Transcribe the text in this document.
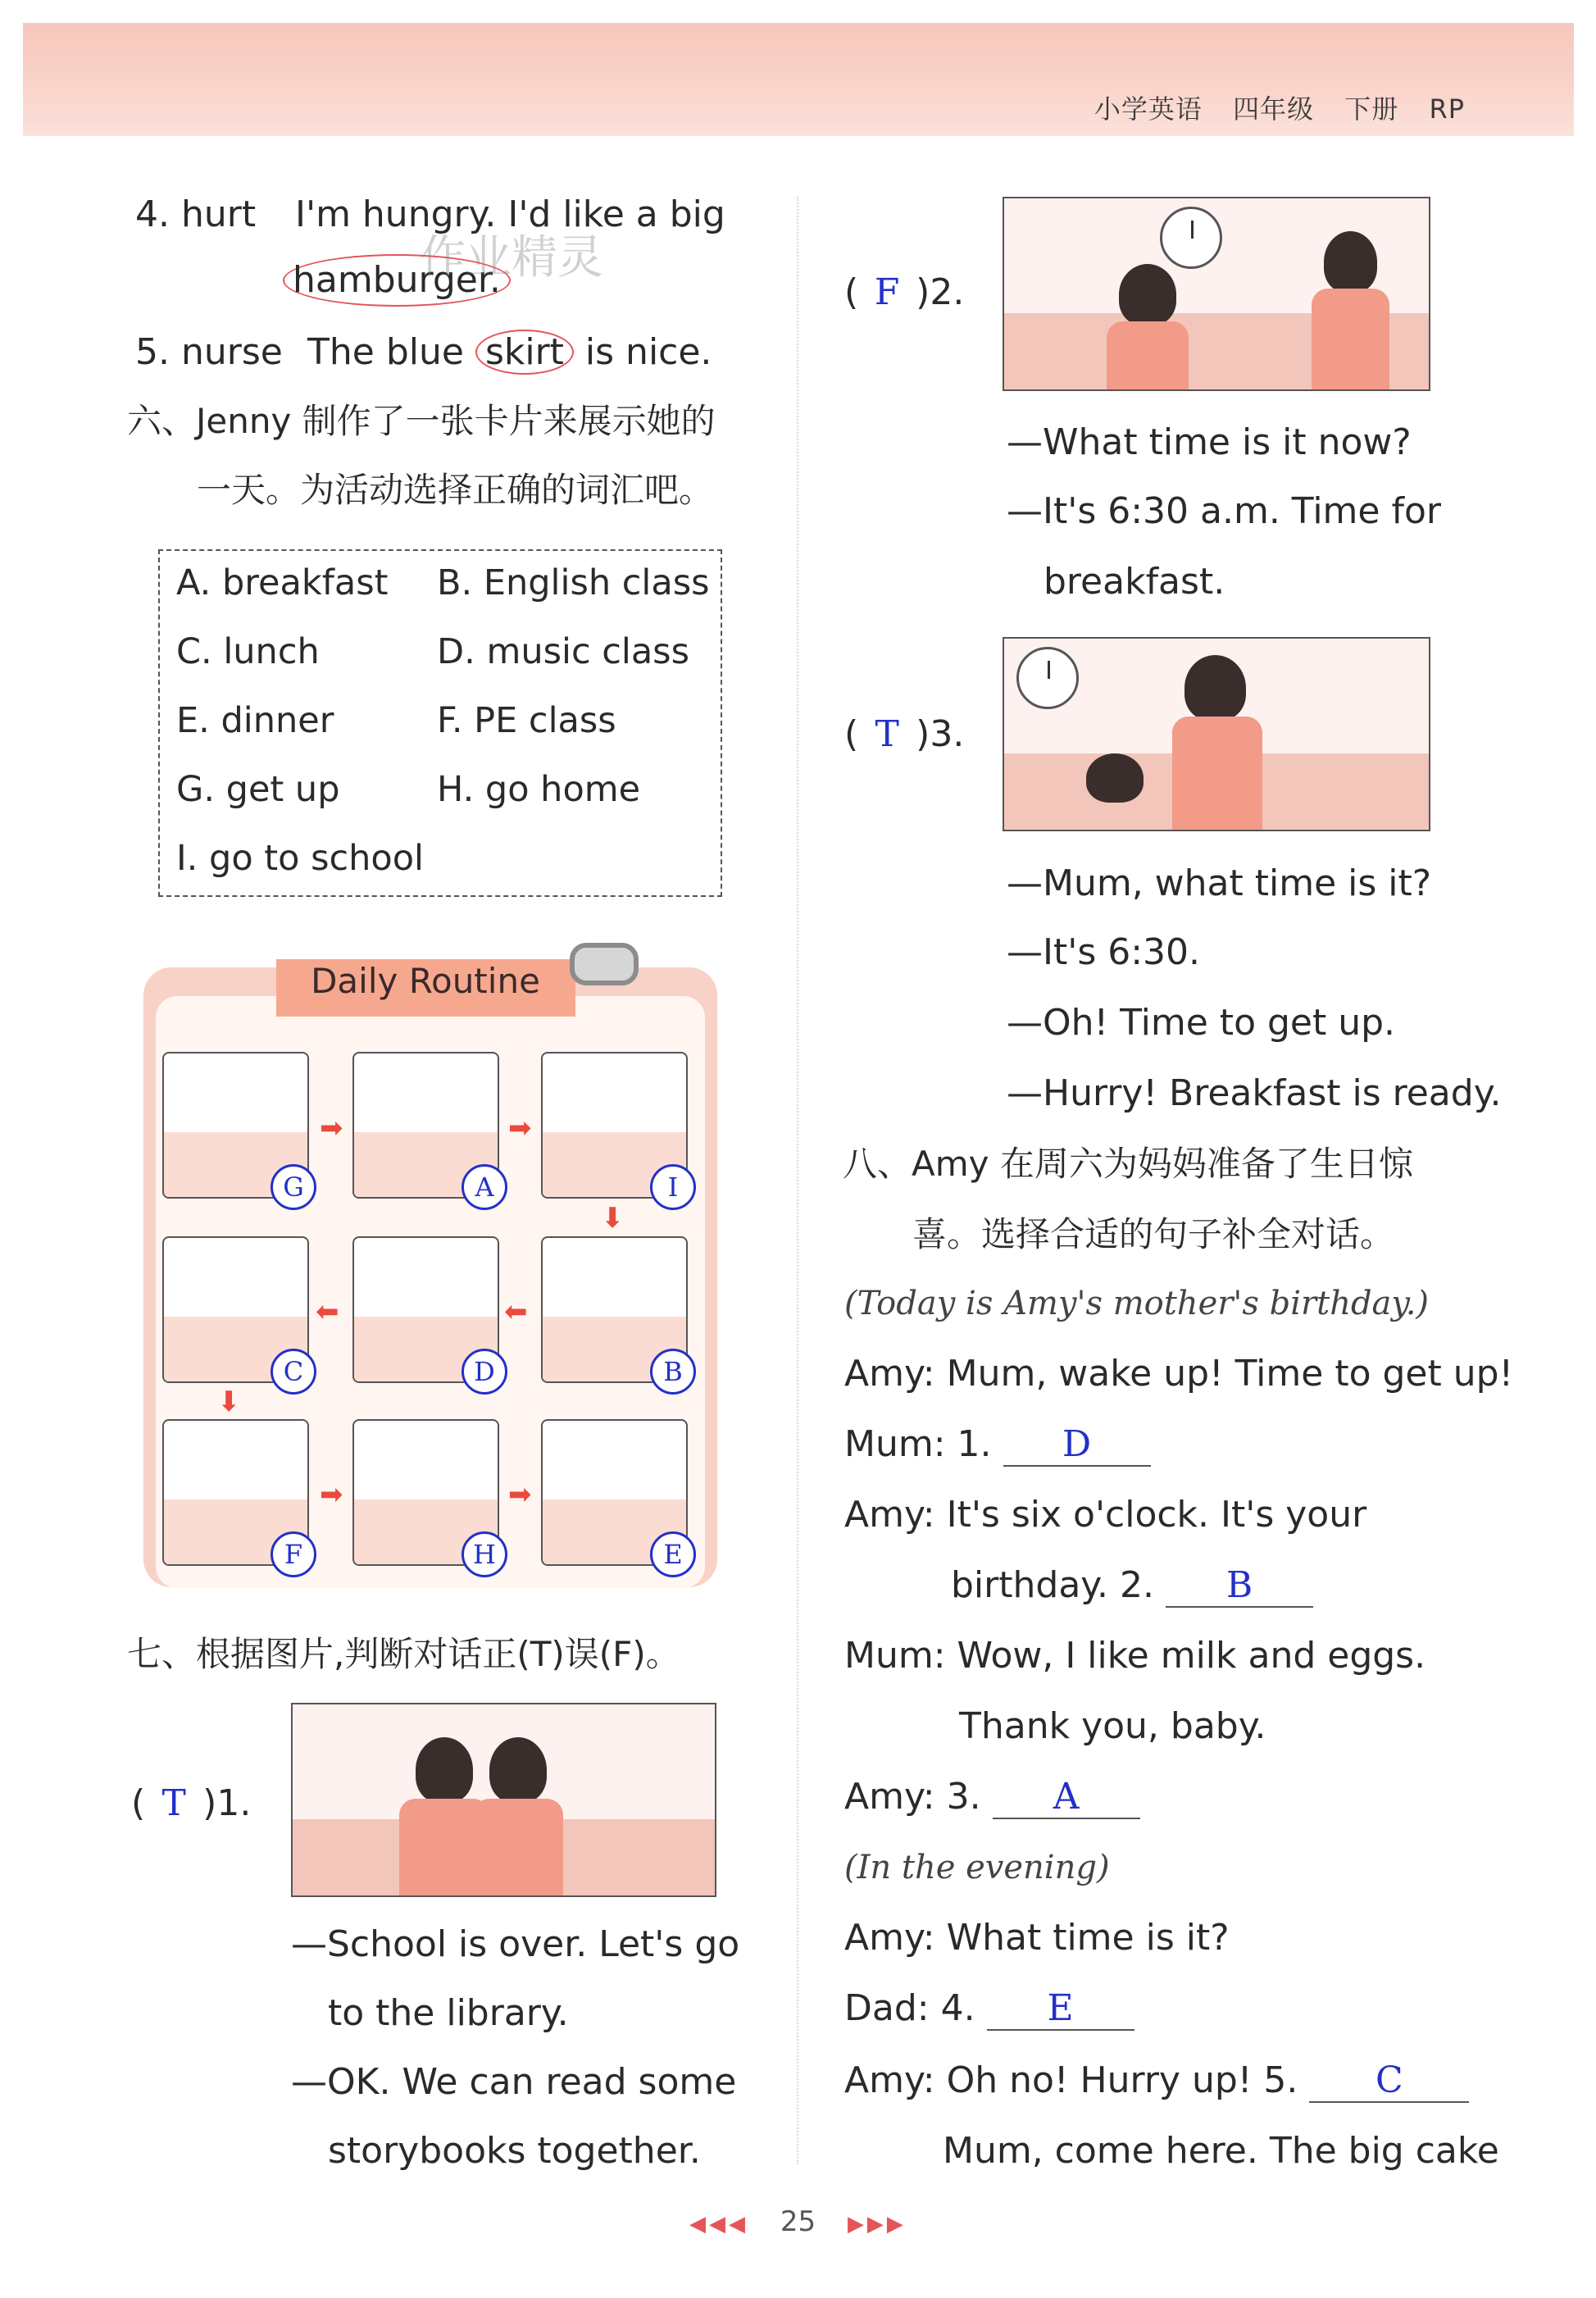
小学英语 四年级 下册 RP
4. hurt I'm hungry. I'd like a big
hamburger.
作业精灵
5. nurse The blue skirt is nice.
六、Jenny 制作了一张卡片来展示她的
一天。为活动选择正确的词汇吧。
A. breakfast B. English class
C. lunch	D. music class
E. dinner	F. PE class
G. get up	H. go home
I. go to school
Daily Routine
G
➡
A
➡
I
⬇
C
⬅
D
⬅
B
⬇
F
➡
H
➡
E
七、根据图片,判断对话正(T)误(F)。
( T )1.
—School is over. Let's go
to the library.
—OK. We can read some
storybooks together.
( F )2.
—What time is it now?
—It's 6:30 a.m. Time for
breakfast.
( T )3.
—Mum, what time is it?
—It's 6:30.
—Oh! Time to get up.
—Hurry! Breakfast is ready.
八、Amy 在周六为妈妈准备了生日惊
喜。选择合适的句子补全对话。
(Today is Amy's mother's birthday.)
Amy: Mum, wake up! Time to get up!
Mum: 1. D
Amy: It's six o'clock. It's your
birthday. 2. B
Mum: Wow, I like milk and eggs.
Thank you, baby.
Amy: 3. A
(In the evening)
Amy: What time is it?
Dad: 4. E
Amy: Oh no! Hurry up! 5. C
Mum, come here. The big cake
◀◀◀ 25 ▶▶▶
